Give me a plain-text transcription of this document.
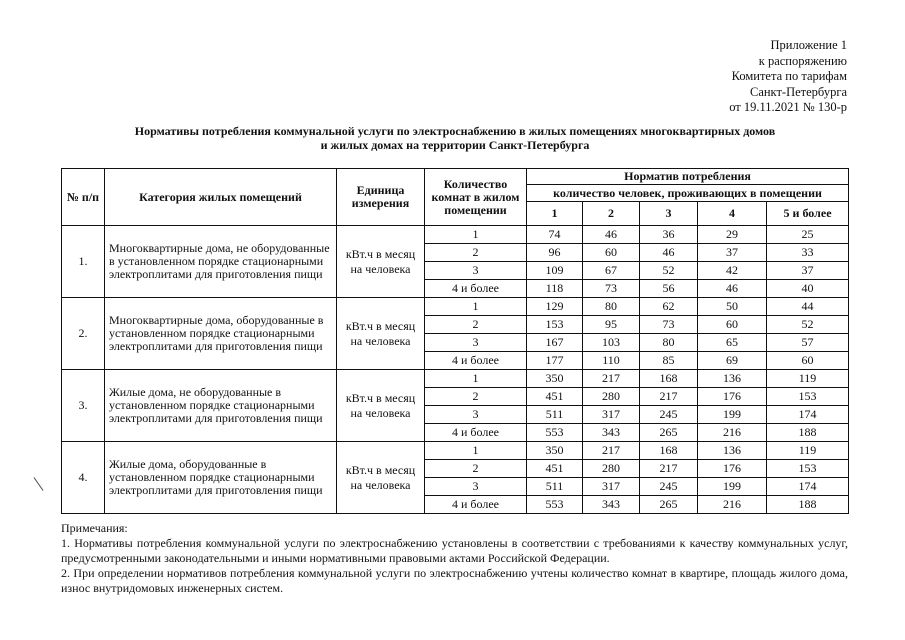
Приложение 1
к распоряжению
Комитета по тарифам
Санкт-Петербурга
от 19.11.2021 № 130-р
Нормативы потребления коммунальной услуги по электроснабжению в жилых помещениях многоквартирных домов
и жилых домах на территории Санкт-Петербурга
№ п/п	Категория жилых помещений	Единица измерения	Количество комнат в жилом помещении	Норматив потребления				
				количество человек, проживающих в помещении				
				1	2	3	4	5 и более
1.	Многоквартирные дома, не оборудованные в установленном порядке стационарными электроплитами для приготовления пищи	кВт.ч в месяц на человека	1	74	46	36	29	25
			2	96	60	46	37	33
			3	109	67	52	42	37
			4 и более	118	73	56	46	40
2.	Многоквартирные дома, оборудованные в установленном порядке стационарными электроплитами для приготовления пищи	кВт.ч в месяц на человека	1	129	80	62	50	44
			2	153	95	73	60	52
			3	167	103	80	65	57
			4 и более	177	110	85	69	60
3.	Жилые дома, не оборудованные в установленном порядке стационарными электроплитами для приготовления пищи	кВт.ч в месяц на человека	1	350	217	168	136	119
			2	451	280	217	176	153
			3	511	317	245	199	174
			4 и более	553	343	265	216	188
4.	Жилые дома, оборудованные в установленном порядке стационарными электроплитами для приготовления пищи	кВт.ч в месяц на человека	1	350	217	168	136	119
			2	451	280	217	176	153
			3	511	317	245	199	174
			4 и более	553	343	265	216	188

Примечания:

1. Нормативы потребления коммунальной услуги по электроснабжению установлены в соответствии с требованиями к качеству коммунальных услуг, предусмотренными законодательными и иными нормативными правовыми актами Российской Федерации.

2. При определении нормативов потребления коммунальной услуги по электроснабжению учтены количество комнат в квартире, площадь жилого дома, износ внутридомовых инженерных систем.
